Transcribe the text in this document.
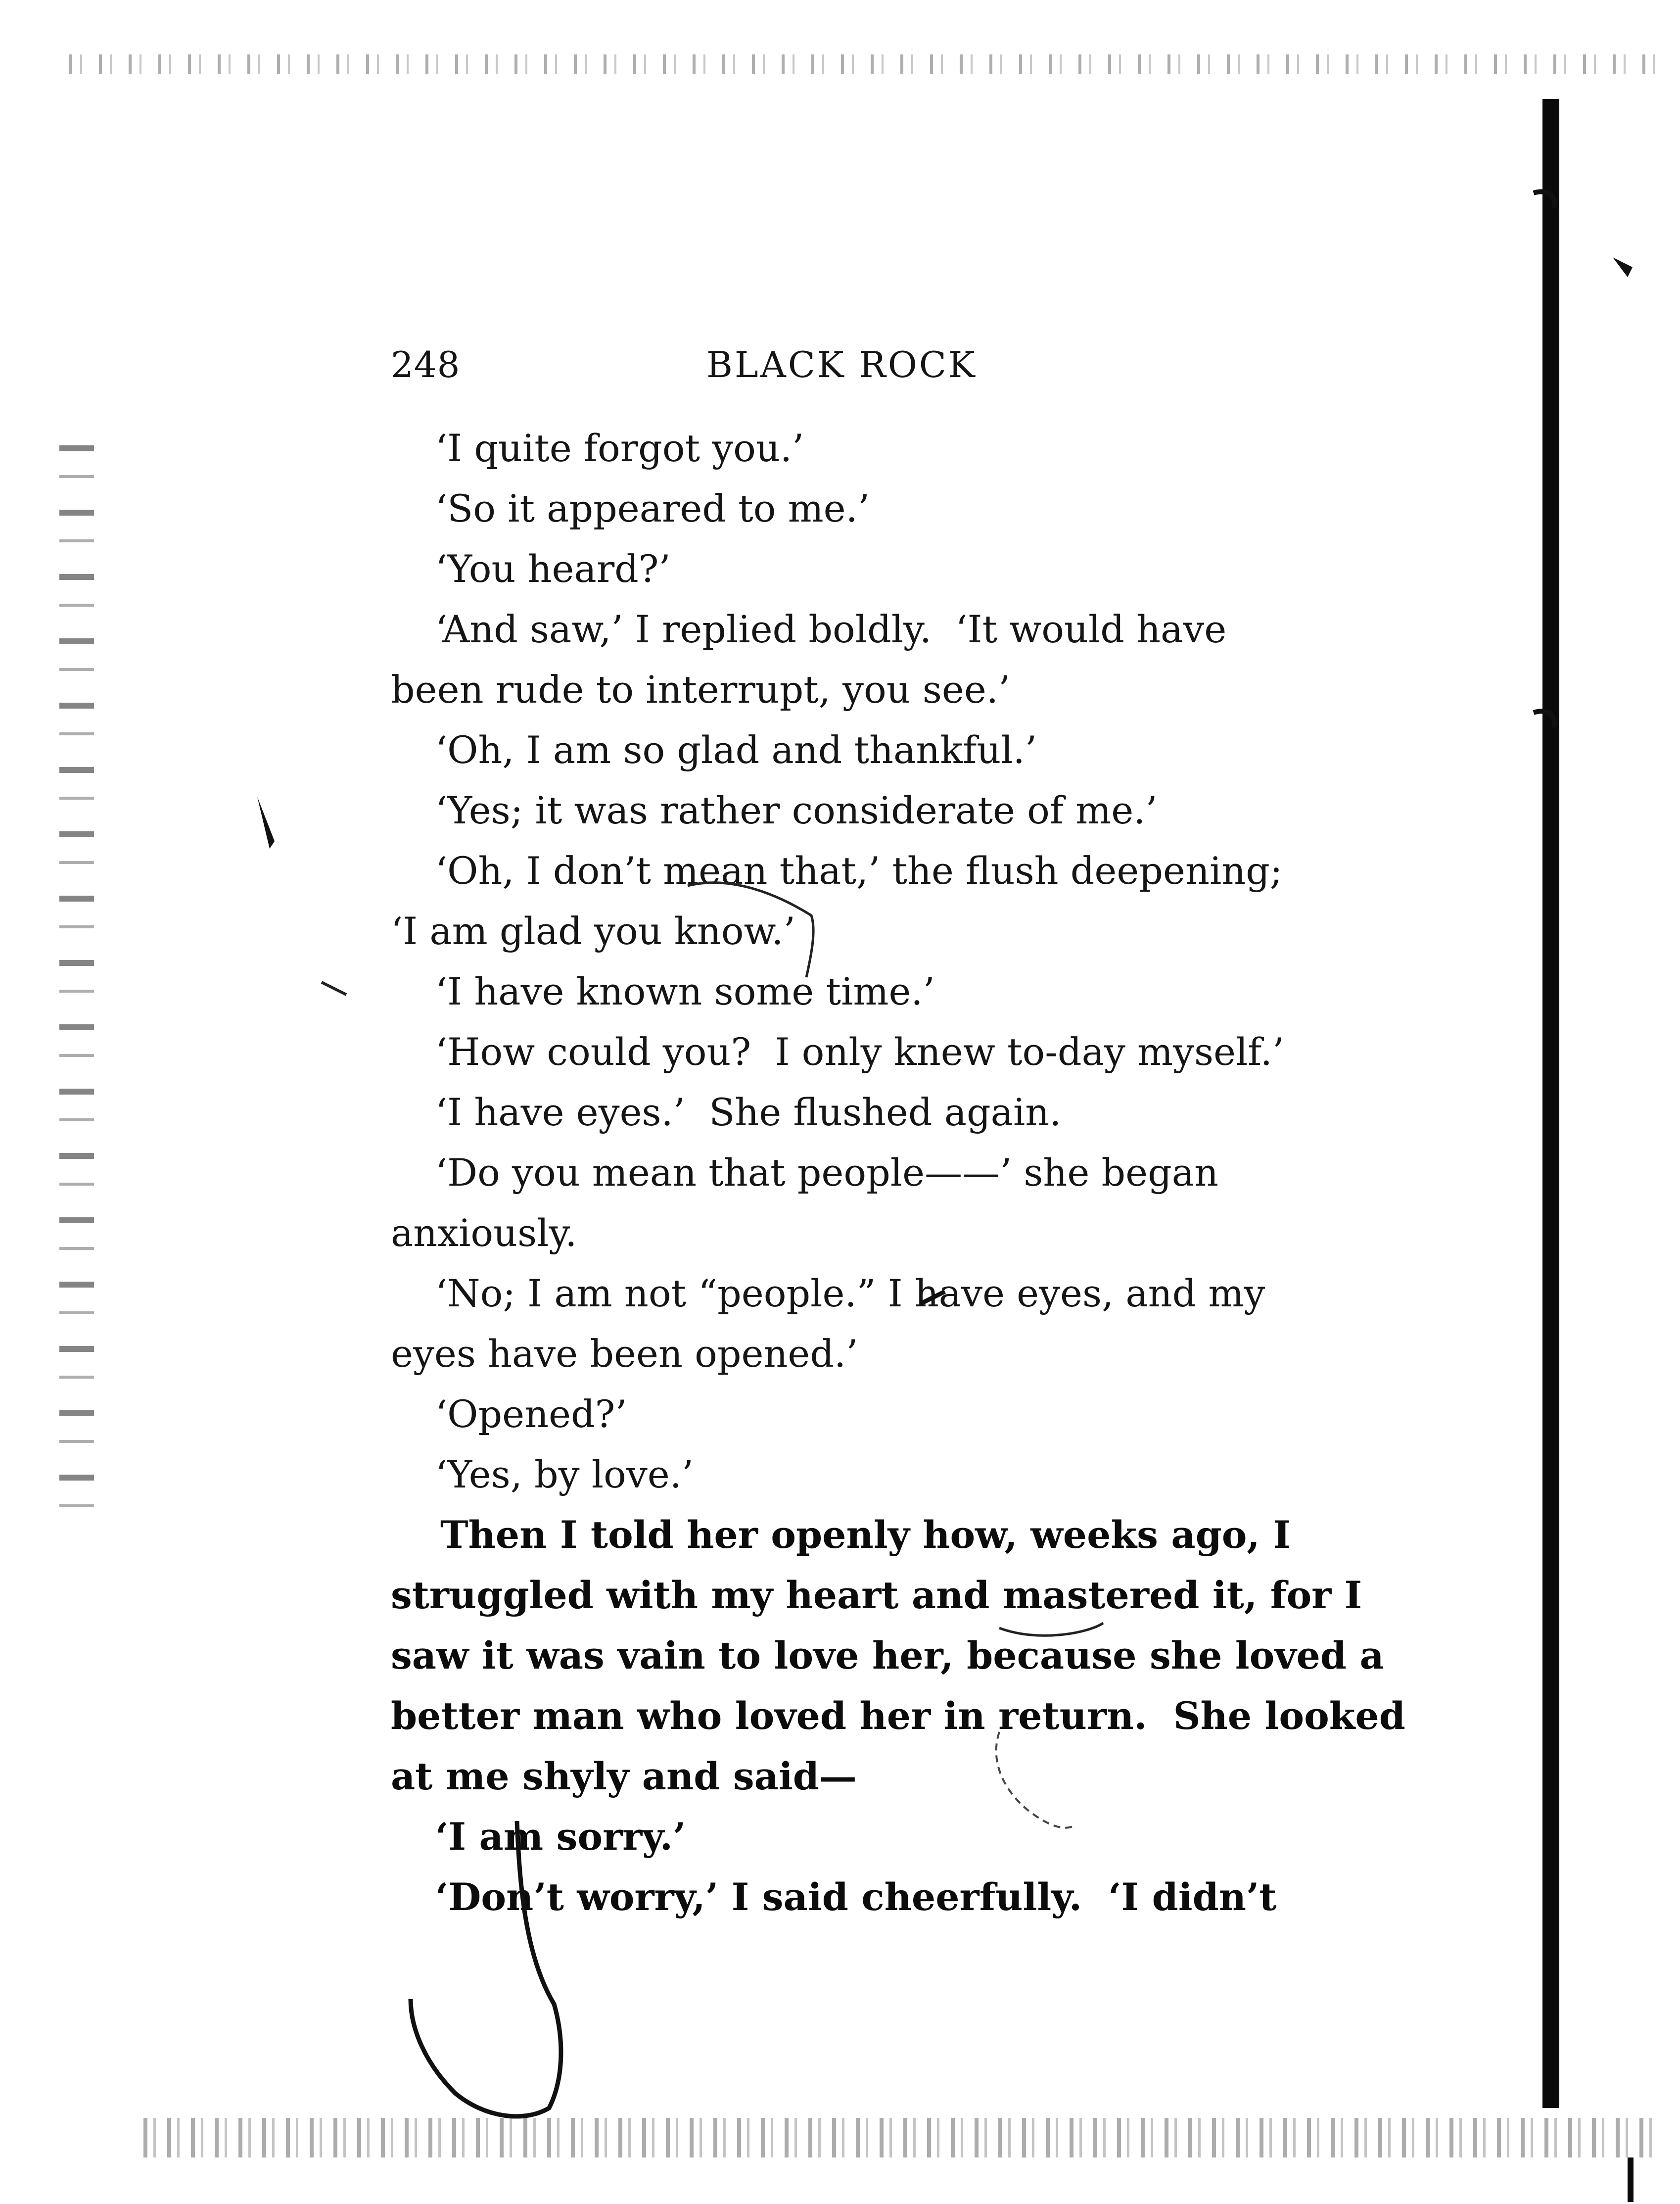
248	BLACK ROCK
‘I quite forgot you.’
‘So it appeared to me.’
‘You heard?’
‘And saw,’ I replied boldly.  ‘It would have
been rude to interrupt, you see.’
‘Oh, I am so glad and thankful.’
‘Yes; it was rather considerate of me.’
‘Oh, I don’t mean that,’ the flush deepening;
‘I am glad you know.’
‘I have known some time.’
‘How could you?  I only knew to-day myself.’
‘I have eyes.’  She flushed again.
‘Do you mean that people——’ she began
anxiously.
‘No; I am not “people.” I have eyes, and my
eyes have been opened.’
‘Opened?’
‘Yes, by love.’
Then I told her openly how, weeks ago, I
struggled with my heart and mastered it, for I
saw it was vain to love her, because she loved a
better man who loved her in return.  She looked
at me shyly and said—
‘I am sorry.’
‘Don’t worry,’ I said cheerfully.  ‘I didn’t
